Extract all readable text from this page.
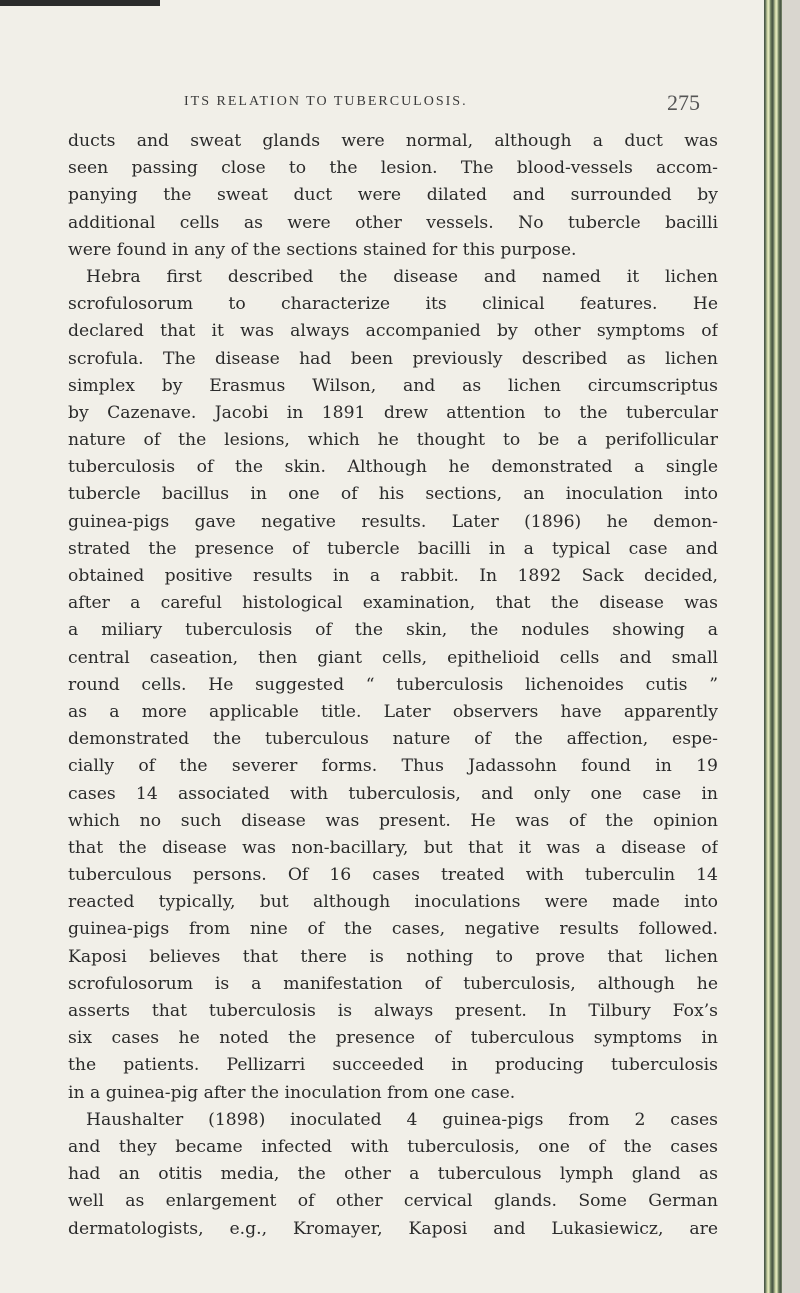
ITS RELATION TO TUBERCULOSIS.	275
ducts and sweat glands were normal, although a duct was
seen passing close to the lesion. The blood-vessels accom-
panying the sweat duct were dilated and surrounded by
additional cells as were other vessels. No tubercle bacilli
were found in any of the sections stained for this purpose.
Hebra first described the disease and named it lichen
scrofulosorum to characterize its clinical features. He
declared that it was always accompanied by other symptoms of
scrofula. The disease had been previously described as lichen
simplex by Erasmus Wilson, and as lichen circumscriptus
by Cazenave. Jacobi in 1891 drew attention to the tubercular
nature of the lesions, which he thought to be a perifollicular
tuberculosis of the skin. Although he demonstrated a single
tubercle bacillus in one of his sections, an inoculation into
guinea-pigs gave negative results. Later (1896) he demon-
strated the presence of tubercle bacilli in a typical case and
obtained positive results in a rabbit. In 1892 Sack decided,
after a careful histological examination, that the disease was
a miliary tuberculosis of the skin, the nodules showing a
central caseation, then giant cells, epithelioid cells and small
round cells. He suggested “ tuberculosis lichenoides cutis ”
as a more applicable title. Later observers have apparently
demonstrated the tuberculous nature of the affection, espe-
cially of the severer forms. Thus Jadassohn found in 19
cases 14 associated with tuberculosis, and only one case in
which no such disease was present. He was of the opinion
that the disease was non-bacillary, but that it was a disease of
tuberculous persons. Of 16 cases treated with tuberculin 14
reacted typically, but although inoculations were made into
guinea-pigs from nine of the cases, negative results followed.
Kaposi believes that there is nothing to prove that lichen
scrofulosorum is a manifestation of tuberculosis, although he
asserts that tuberculosis is always present. In Tilbury Fox’s
six cases he noted the presence of tuberculous symptoms in
the patients. Pellizarri succeeded in producing tuberculosis
in a guinea-pig after the inoculation from one case.
Haushalter (1898) inoculated 4 guinea-pigs from 2 cases
and they became infected with tuberculosis, one of the cases
had an otitis media, the other a tuberculous lymph gland as
well as enlargement of other cervical glands. Some German
dermatologists, e.g., Kromayer, Kaposi and Lukasiewicz, are
